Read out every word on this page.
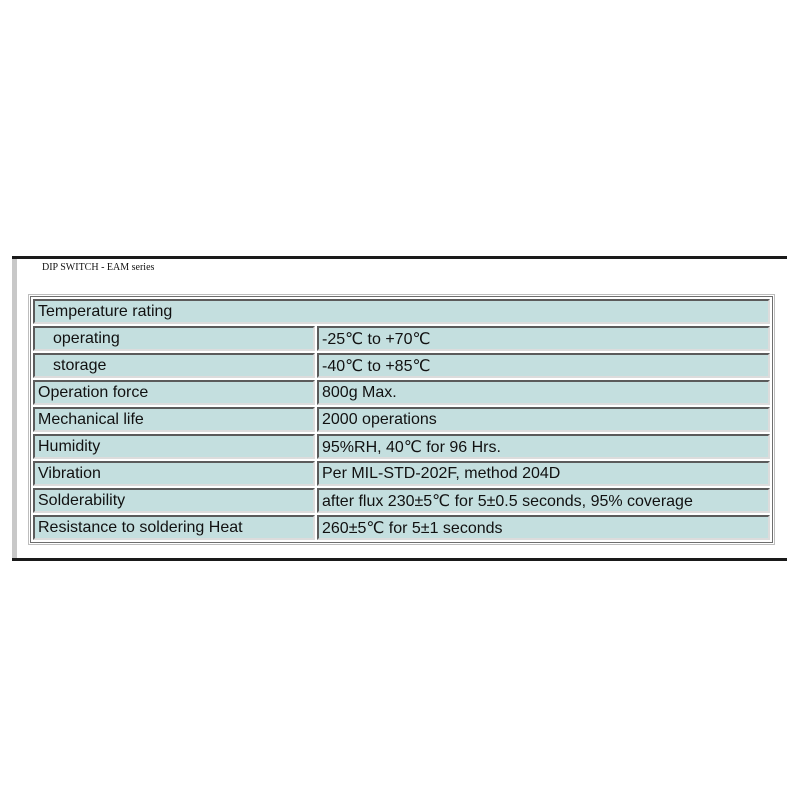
DIP SWITCH - EAM series
Temperature rating	
operating	-25℃ to +70℃
storage	-40℃ to +85℃
Operation force	800g Max.
Mechanical life	2000 operations
Humidity	95%RH, 40℃ for 96 Hrs.
Vibration	Per MIL-STD-202F, method 204D
Solderability	after flux 230±5℃ for 5±0.5 seconds, 95% coverage
Resistance to soldering Heat	260±5℃ for 5±1 seconds
